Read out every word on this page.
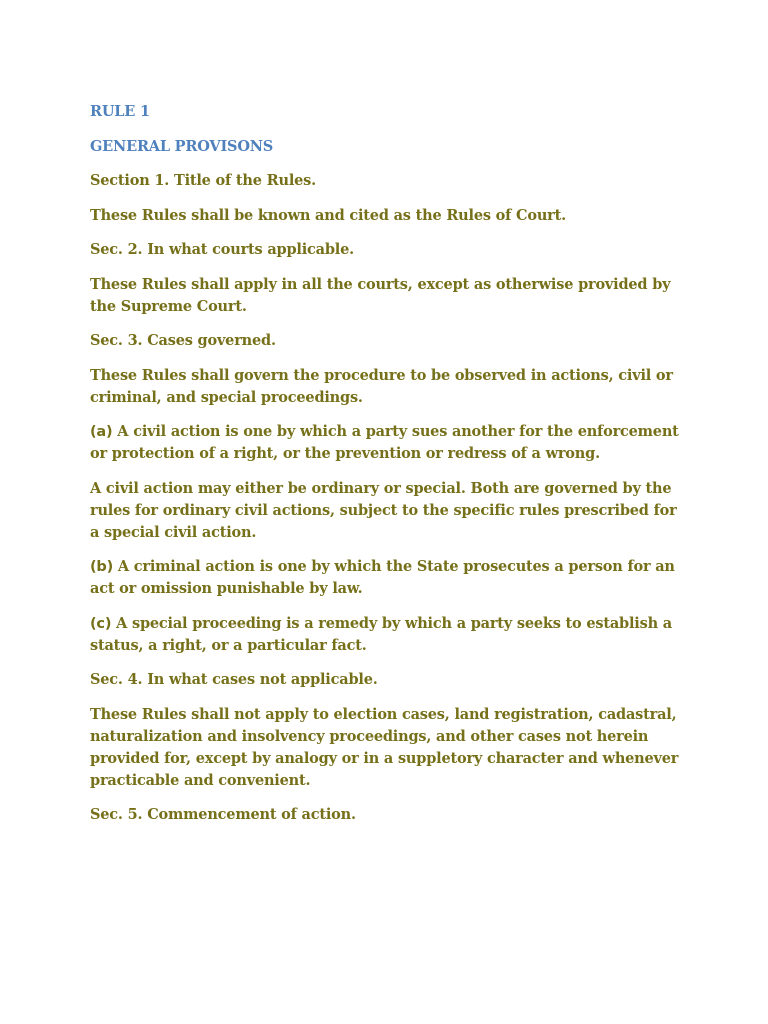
RULE 1

GENERAL PROVISONS

Section 1. Title of the Rules.

These Rules shall be known and cited as the Rules of Court.

Sec. 2. In what courts applicable.

These Rules shall apply in all the courts, except as otherwise provided by the Supreme Court.

Sec. 3. Cases governed.

These Rules shall govern the procedure to be observed in actions, civil or criminal, and special proceedings.

(a) A civil action is one by which a party sues another for the enforcement or protection of a right, or the prevention or redress of a wrong.

A civil action may either be ordinary or special. Both are governed by the rules for ordinary civil actions, subject to the specific rules prescribed for a special civil action.

(b) A criminal action is one by which the State prosecutes a person for an act or omission punishable by law.

(c) A special proceeding is a remedy by which a party seeks to establish a status, a right, or a particular fact.

Sec. 4. In what cases not applicable.

These Rules shall not apply to election cases, land registration, cadastral,
naturalization and insolvency proceedings, and other cases not herein
provided for, except by analogy or in a suppletory character and whenever
practicable and convenient.

Sec. 5. Commencement of action.
